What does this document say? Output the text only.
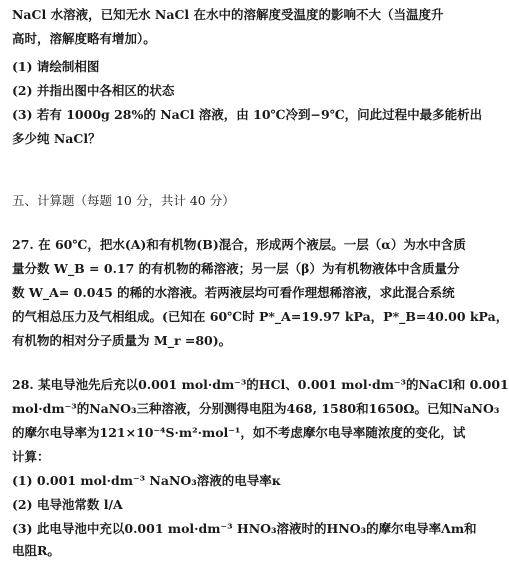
NaCl 水溶液，已知无水 NaCl 在水中的溶解度受温度的影响不大（当温度升
高时，溶解度略有增加）。
(1) 请绘制相图
(2) 并指出图中各相区的状态
(3) 若有 1000g 28%的 NaCl 溶液，由 10℃冷到−9℃，问此过程中最多能析出
多少纯 NaCl？
五、计算题（每题 10 分，共计 40 分）
27. 在 60℃，把水(A)和有机物(B)混合，形成两个液层。一层（α）为水中含质
量分数 W_B = 0.17 的有机物的稀溶液；另一层（β）为有机物液体中含质量分
数 W_A= 0.045 的稀的水溶液。若两液层均可看作理想稀溶液，求此混合系统
的气相总压力及气相组成。(已知在 60℃时 P*_A=19.97 kPa，P*_B=40.00 kPa，
有机物的相对分子质量为 M_r =80)。
28. 某电导池先后充以0.001 mol·dm⁻³的HCl、0.001 mol·dm⁻³的NaCl和 0.001
mol·dm⁻³的NaNO₃三种溶液，分别测得电阻为468, 1580和1650Ω。已知NaNO₃
的摩尔电导率为121×10⁻⁴S·m²·mol⁻¹，如不考虑摩尔电导率随浓度的变化，试
计算：
(1) 0.001 mol·dm⁻³ NaNO₃溶液的电导率κ
(2) 电导池常数 l/A
(3) 此电导池中充以0.001 mol·dm⁻³ HNO₃溶液时的HNO₃的摩尔电导率Λm和
电阻R。
